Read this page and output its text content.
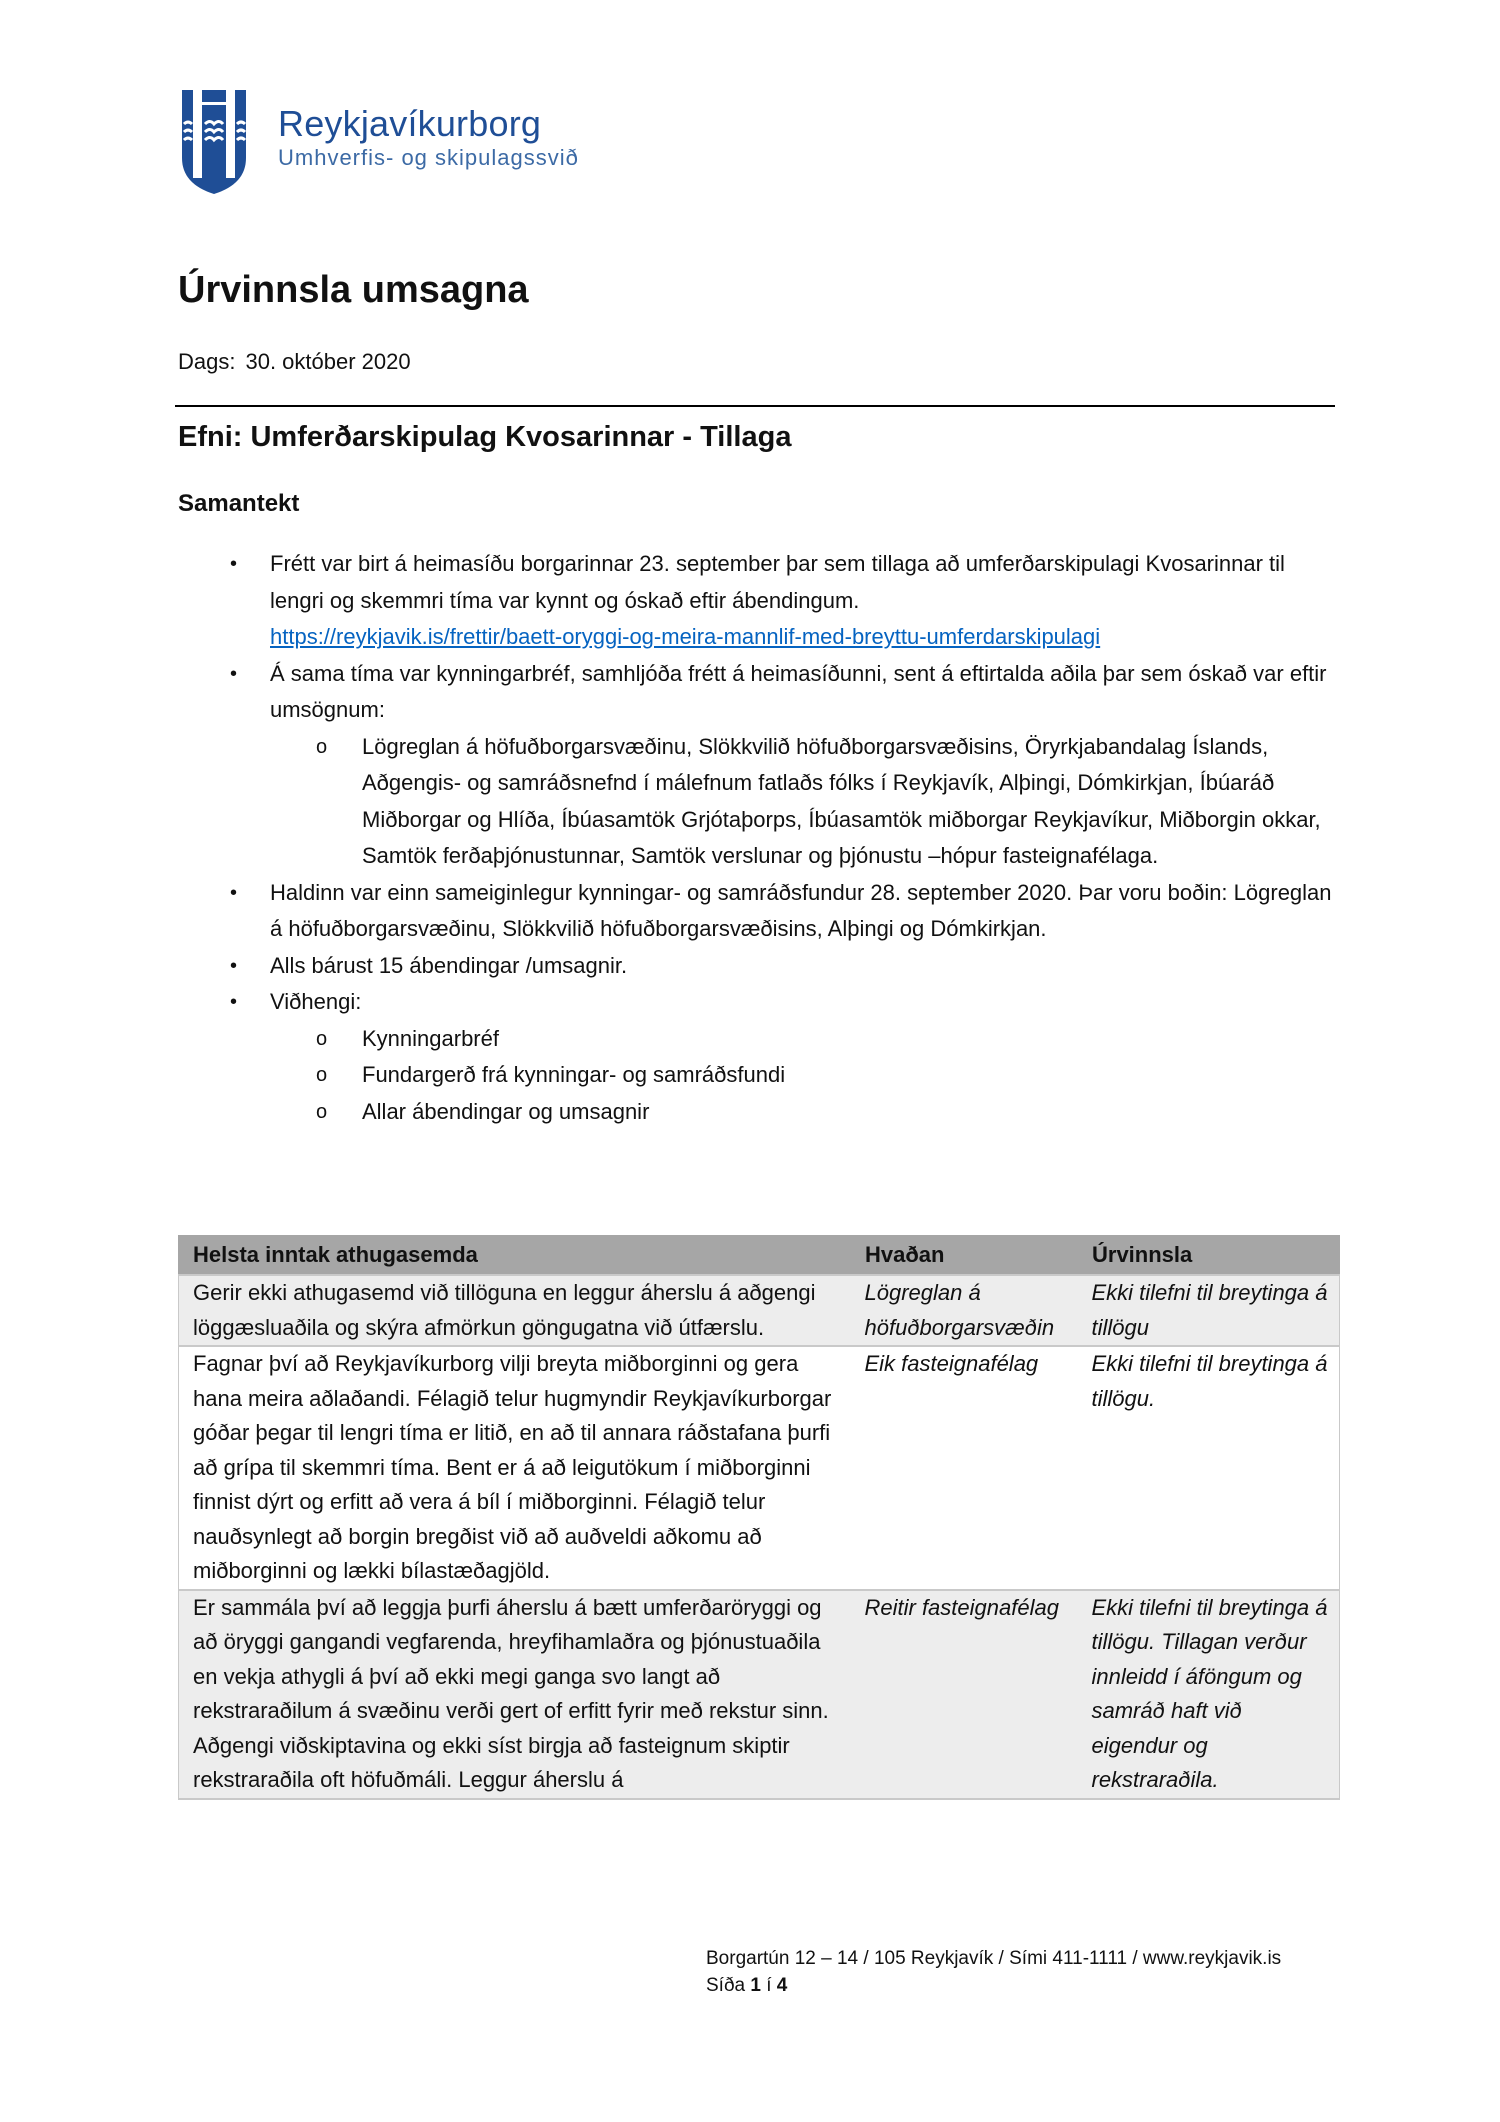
Reykjavíkurborg
Umhverfis- og skipulagssvið
Úrvinnsla umsagna
Dags: 30. október 2020
Efni: Umferðarskipulag Kvosarinnar - Tillaga
Samantekt
• Frétt var birt á heimasíðu borgarinnar 23. september þar sem tillaga að umferðarskipulagi Kvosarinnar til lengri og skemmri tíma var kynnt og óskað eftir ábendingum.
https://reykjavik.is/frettir/baett-oryggi-og-meira-mannlif-med-breyttu-umferdarskipulagi
• Á sama tíma var kynningarbréf, samhljóða frétt á heimasíðunni, sent á eftirtalda aðila þar sem óskað var eftir umsögnum:
o Lögreglan á höfuðborgarsvæðinu, Slökkvilið höfuðborgarsvæðisins, Öryrkjabandalag Íslands, Aðgengis- og samráðsnefnd í málefnum fatlaðs fólks í Reykjavík, Alþingi, Dómkirkjan, Íbúaráð Miðborgar og Hlíða, Íbúasamtök Grjótaþorps, Íbúasamtök miðborgar Reykjavíkur, Miðborgin okkar, Samtök ferðaþjónustunnar, Samtök verslunar og þjónustu –hópur fasteignafélaga.
• Haldinn var einn sameiginlegur kynningar- og samráðsfundur 28. september 2020. Þar voru boðin: Lögreglan á höfuðborgarsvæðinu, Slökkvilið höfuðborgarsvæðisins, Alþingi og Dómkirkjan.
• Alls bárust 15 ábendingar /umsagnir.
• Viðhengi:
o Kynningarbréf
o Fundargerð frá kynningar- og samráðsfundi
o Allar ábendingar og umsagnir
Helsta inntak athugasemda	Hvaðan	Úrvinnsla
Gerir ekki athugasemd við tillöguna en leggur áherslu á aðgengi löggæsluaðila og skýra afmörkun göngugatna við útfærslu.	Lögreglan á höfuðborgarsvæðin	Ekki tilefni til breytinga á tillögu
Fagnar því að Reykjavíkurborg vilji breyta miðborginni og gera hana meira aðlaðandi. Félagið telur hugmyndir Reykjavíkurborgar góðar þegar til lengri tíma er litið, en að til annara ráðstafana þurfi að grípa til skemmri tíma. Bent er á að leigutökum í miðborginni finnist dýrt og erfitt að vera á bíl í miðborginni. Félagið telur nauðsynlegt að borgin bregðist við að auðveldi aðkomu að miðborginni og lækki bílastæðagjöld.	Eik fasteignafélag	Ekki tilefni til breytinga á tillögu.
Er sammála því að leggja þurfi áherslu á bætt umferðaröryggi og að öryggi gangandi vegfarenda, hreyfihamlaðra og þjónustuaðila en vekja athygli á því að ekki megi ganga svo langt að rekstraraðilum á svæðinu verði gert of erfitt fyrir með rekstur sinn. Aðgengi viðskiptavina og ekki síst birgja að fasteignum skiptir rekstraraðila oft höfuðmáli. Leggur áherslu á	Reitir fasteignafélag	Ekki tilefni til breytinga á tillögu. Tillagan verður innleidd í áföngum og samráð haft við eigendur og rekstraraðila.
Borgartún 12 – 14 / 105 Reykjavík / Sími 411-1111 / www.reykjavik.is
Síða 1 í 4
